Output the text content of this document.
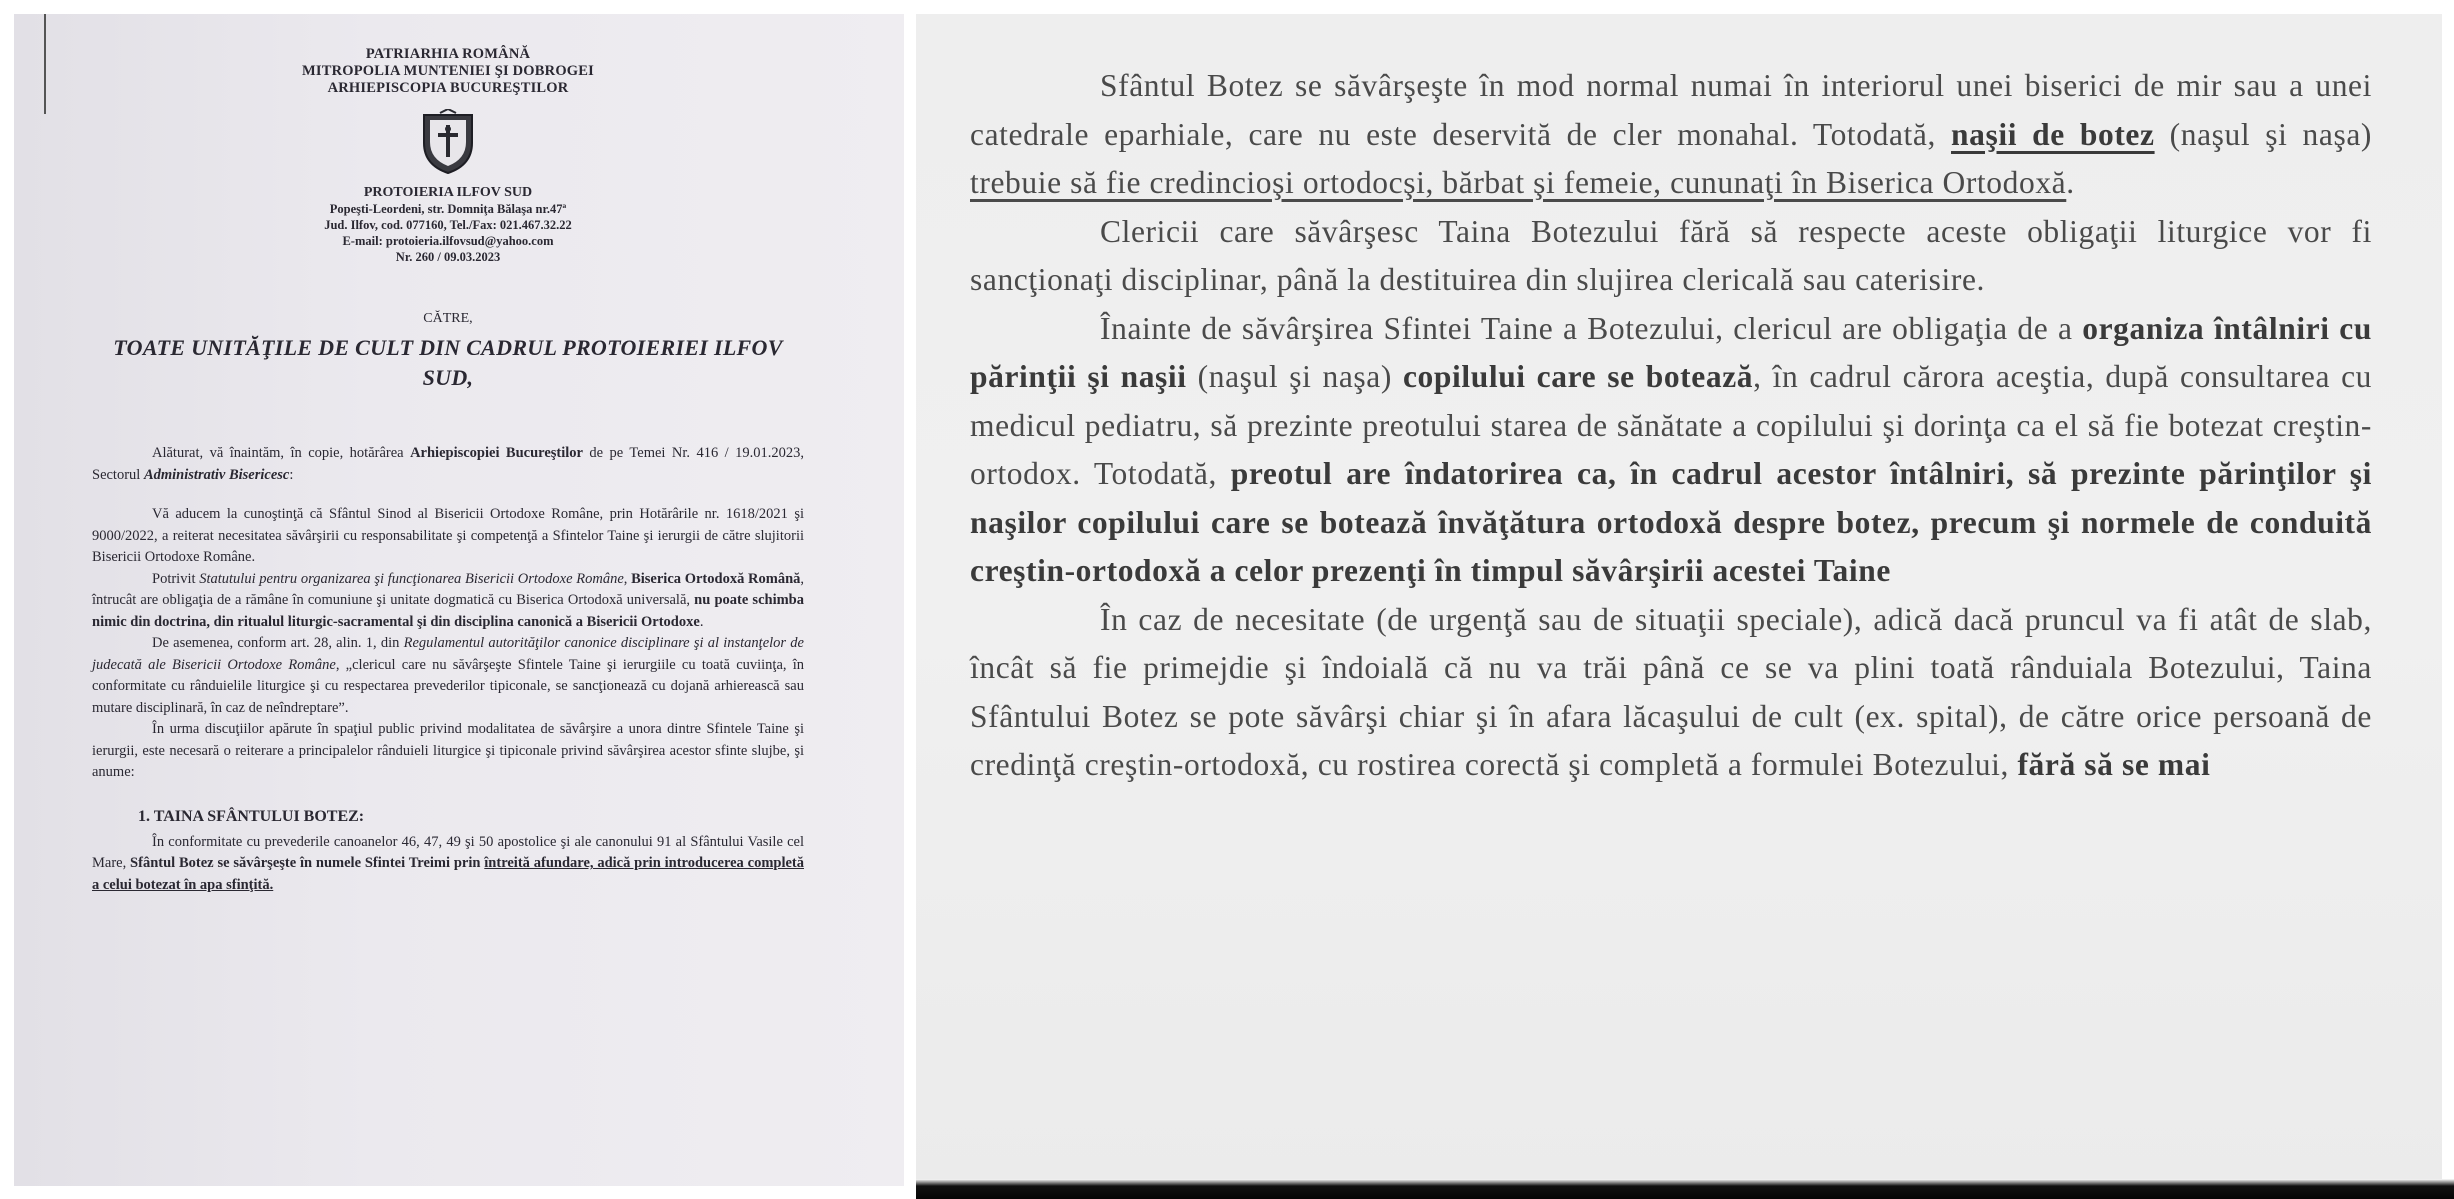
PATRIARHIA ROMÂNĂ
MITROPOLIA MUNTENIEI ŞI DOBROGEI
ARHIEPISCOPIA BUCUREŞTILOR
PROTOIERIA ILFOV SUD
Popeşti-Leordeni, str. Domniţa Bălaşa nr.47ª
Jud. Ilfov, cod. 077160, Tel./Fax: 021.467.32.22
E-mail: protoieria.ilfovsud@yahoo.com
Nr. 260 / 09.03.2023
CĂTRE,
TOATE UNITĂŢILE DE CULT DIN CADRUL PROTOIERIEI ILFOV SUD,

Alăturat, vă înaintăm, în copie, hotărârea Arhiepiscopiei Bucureştilor de pe Temei Nr. 416 / 19.01.2023, Sectorul Administrativ Bisericesc:

Vă aducem la cunoştinţă că Sfântul Sinod al Bisericii Ortodoxe Române, prin Hotărârile nr. 1618/2021 şi 9000/2022, a reiterat necesitatea săvârşirii cu responsabilitate şi competenţă a Sfintelor Taine şi ierurgii de către slujitorii Bisericii Ortodoxe Române.

Potrivit Statutului pentru organizarea şi funcţionarea Bisericii Ortodoxe Române, Biserica Ortodoxă Română, întrucât are obligaţia de a rămâne în comuniune şi unitate dogmatică cu Biserica Ortodoxă universală, nu poate schimba nimic din doctrina, din ritualul liturgic-sacramental şi din disciplina canonică a Bisericii Ortodoxe.

De asemenea, conform art. 28, alin. 1, din Regulamentul autorităţilor canonice disciplinare şi al instanţelor de judecată ale Bisericii Ortodoxe Române, „clericul care nu săvârşeşte Sfintele Taine şi ierurgiile cu toată cuviinţa, în conformitate cu rânduielile liturgice şi cu respectarea prevederilor tipiconale, se sancţionează cu dojană arhierească sau mutare disciplinară, în caz de neîndreptare”.

În urma discuţiilor apărute în spaţiul public privind modalitatea de săvârşire a unora dintre Sfintele Taine şi ierurgii, este necesară o reiterare a principalelor rânduieli liturgice şi tipiconale privind săvârşirea acestor sfinte slujbe, şi anume:

1. TAINA SFÂNTULUI BOTEZ:

În conformitate cu prevederile canoanelor 46, 47, 49 şi 50 apostolice şi ale canonului 91 al Sfântului Vasile cel Mare, Sfântul Botez se săvârşeşte în numele Sfintei Treimi prin întreită afundare, adică prin introducerea completă a celui botezat în apa sfinţită.

Sfântul Botez se săvârşeşte în mod normal numai în interiorul unei biserici de mir sau a unei catedrale eparhiale, care nu este deservită de cler monahal. Totodată, naşii de botez (naşul şi naşa) trebuie să fie credincioşi ortodocşi, bărbat şi femeie, cununaţi în Biserica Ortodoxă.

Clericii care săvârşesc Taina Botezului fără să respecte aceste obligaţii liturgice vor fi sancţionaţi disciplinar, până la destituirea din slujirea clericală sau caterisire.

Înainte de săvârşirea Sfintei Taine a Botezului, clericul are obligaţia de a organiza întâlniri cu părinţii şi naşii (naşul şi naşa) copilului care se botează, în cadrul cărora aceştia, după consultarea cu medicul pediatru, să prezinte preotului starea de sănătate a copilului şi dorinţa ca el să fie botezat creştin-ortodox. Totodată, preotul are îndatorirea ca, în cadrul acestor întâlniri, să prezinte părinţilor şi naşilor copilului care se botează învăţătura ortodoxă despre botez, precum şi normele de conduită creştin-ortodoxă a celor prezenţi în timpul săvârşirii acestei Taine

În caz de necesitate (de urgenţă sau de situaţii speciale), adică dacă pruncul va fi atât de slab, încât să fie primejdie şi îndoială că nu va trăi până ce se va plini toată rânduiala Botezului, Taina Sfântului Botez se pote săvârşi chiar şi în afara lăcaşului de cult (ex. spital), de către orice persoană de credinţă creştin-ortodoxă, cu rostirea corectă şi completă a formulei Botezului, fără să se mai
